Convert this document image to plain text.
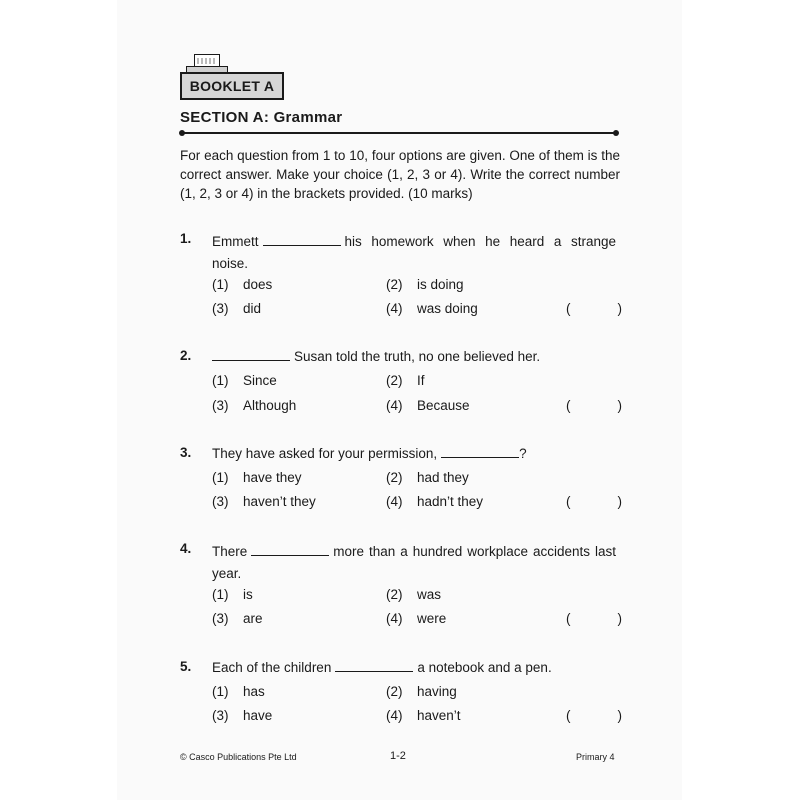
BOOKLET A
SECTION A: Grammar
For each question from 1 to 10, four options are given. One of them is the correct answer. Make your choice (1, 2, 3 or 4). Write the correct number (1, 2, 3 or 4) in the brackets provided. (10 marks)
1. Emmett	his homework when he heard a strange noise.
(1) does	(2) is doing
(3) did	(4) was doing	(	)
2.	Susan told the truth, no one believed her.
(1) Since	(2) If
(3) Although	(4) Because	(	)
3. They have asked for your permission,	?
(1) have they	(2) had they
(3) haven’t they	(4) hadn’t they	(	)
4. There	more than a hundred workplace accidents last year.
(1) is	(2) was
(3) are	(4) were	(	)
5. Each of the children	a notebook and a pen.
(1) has	(2) having
(3) have	(4) haven’t	(	)
© Casco Publications Pte Ltd	1-2	Primary 4
